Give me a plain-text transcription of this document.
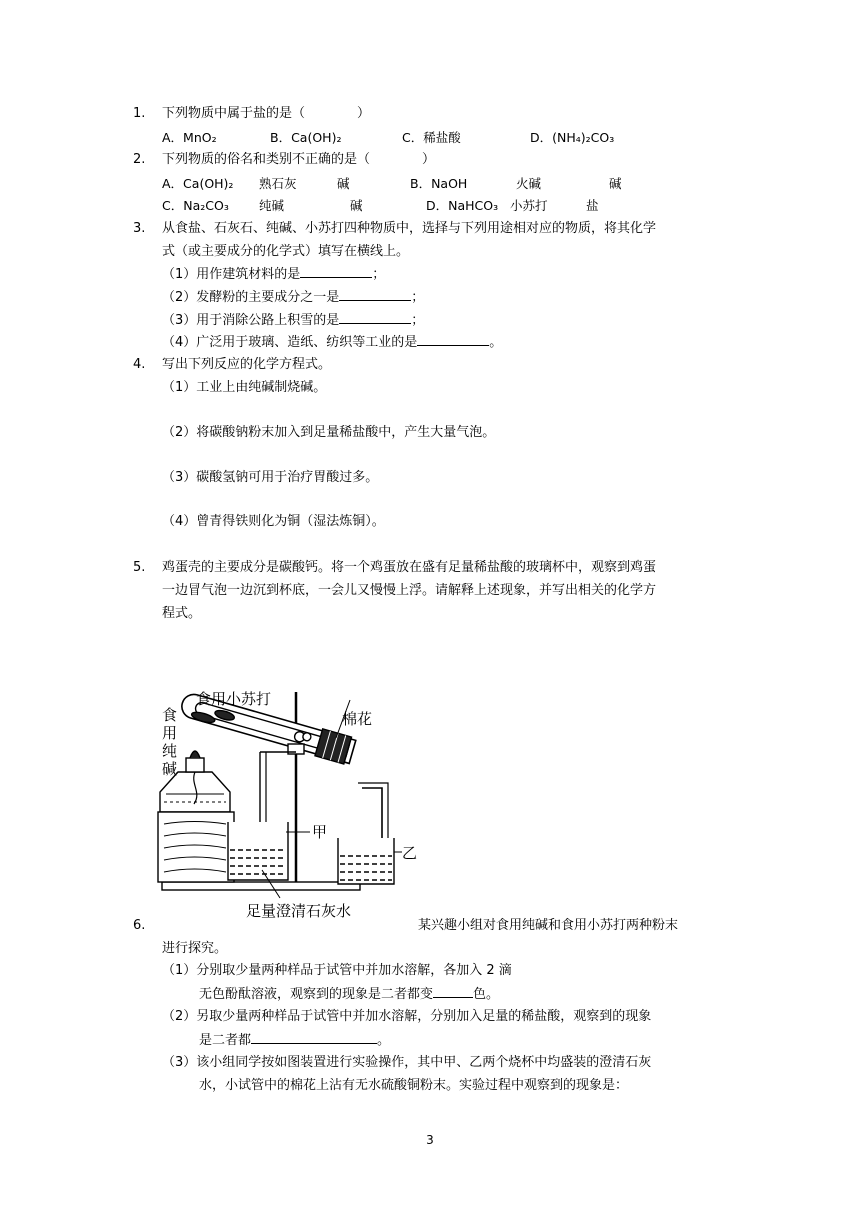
1. 下列物质中属于盐的是（　　　　）
A．MnO₂	B．Ca(OH)₂	C．稀盐酸	D．(NH₄)₂CO₃
2. 下列物质的俗名和类别不正确的是（　　　　）
A．Ca(OH)₂ 熟石灰	碱	B．NaOH	火碱	碱
C．Na₂CO₃ 纯碱	碱	D．NaHCO₃ 小苏打	盐
3. 从食盐、石灰石、纯碱、小苏打四种物质中，选择与下列用途相对应的物质，将其化学
式（或主要成分的化学式）填写在横线上。
（1）用作建筑材料的是	；
（2）发酵粉的主要成分之一是	；
（3）用于消除公路上积雪的是	；
（4）广泛用于玻璃、造纸、纺织等工业的是	。
4. 写出下列反应的化学方程式。
（1）工业上由纯碱制烧碱。
（2）将碳酸钠粉末加入到足量稀盐酸中，产生大量气泡。
（3）碳酸氢钠可用于治疗胃酸过多。
（4）曾青得铁则化为铜（湿法炼铜）。
5. 鸡蛋壳的主要成分是碳酸钙。将一个鸡蛋放在盛有足量稀盐酸的玻璃杯中，观察到鸡蛋
一边冒气泡一边沉到杯底，一会儿又慢慢上浮。请解释上述现象，并写出相关的化学方
程式。
食 用 纯 碱
食用小苏打
棉花
甲
乙
足量澄清石灰水
6.	某兴趣小组对食用纯碱和食用小苏打两种粉末
进行探究。
（1）分别取少量两种样品于试管中并加水溶解，各加入 2 滴
无色酚酞溶液，观察到的现象是二者都变	色。
（2）另取少量两种样品于试管中并加水溶解，分别加入足量的稀盐酸，观察到的现象
是二者都	。
（3）该小组同学按如图装置进行实验操作，其中甲、乙两个烧杯中均盛装的澄清石灰
水，小试管中的棉花上沾有无水硫酸铜粉末。实验过程中观察到的现象是：
3
